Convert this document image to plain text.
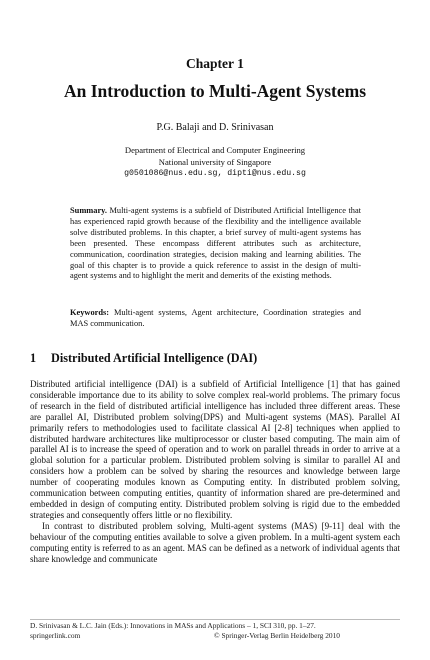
Chapter 1
An Introduction to Multi-Agent Systems
P.G. Balaji and D. Srinivasan
Department of Electrical and Computer Engineering
National university of Singapore
g0501086@nus.edu.sg, dipti@nus.edu.sg
Summary. Multi-agent systems is a subfield of Distributed Artificial Intelligence that has experienced rapid growth because of the flexibility and the intelligence available solve distributed problems. In this chapter, a brief survey of multi-agent systems has been presented. These encompass different attributes such as architecture, communication, coordination strategies, decision making and learning abilities. The goal of this chapter is to provide a quick reference to assist in the design of multi-agent systems and to highlight the merit and demerits of the existing methods.
Keywords: Multi-agent systems, Agent architecture, Coordination strategies and MAS communication.
1 Distributed Artificial Intelligence (DAI)

Distributed artificial intelligence (DAI) is a subfield of Artificial Intelligence [1] that has gained considerable importance due to its ability to solve complex real-world problems. The primary focus of research in the field of distributed artificial intelligence has included three different areas. These are parallel AI, Distributed problem solving(DPS) and Multi-agent systems (MAS). Parallel AI primarily refers to methodologies used to facilitate classical AI [2-8] techniques when applied to distributed hardware architectures like multiprocessor or cluster based computing. The main aim of parallel AI is to increase the speed of operation and to work on parallel threads in order to arrive at a global solution for a particular problem. Distributed problem solving is similar to parallel AI and considers how a problem can be solved by sharing the resources and knowledge between large number of cooperating modules known as Computing entity. In distributed problem solving, communication between computing entities, quantity of information shared are pre-determined and embedded in design of computing entity. Distributed problem solving is rigid due to the embedded strategies and consequently offers little or no flexibility.

In contrast to distributed problem solving, Multi-agent systems (MAS) [9-11] deal with the behaviour of the computing entities available to solve a given problem. In a multi-agent system each computing entity is referred to as an agent. MAS can be defined as a network of individual agents that share knowledge and communicate

D. Srinivasan & L.C. Jain (Eds.): Innovations in MASs and Applications – 1, SCI 310, pp. 1–27.
springerlink.com	© Springer-Verlag Berlin Heidelberg 2010
